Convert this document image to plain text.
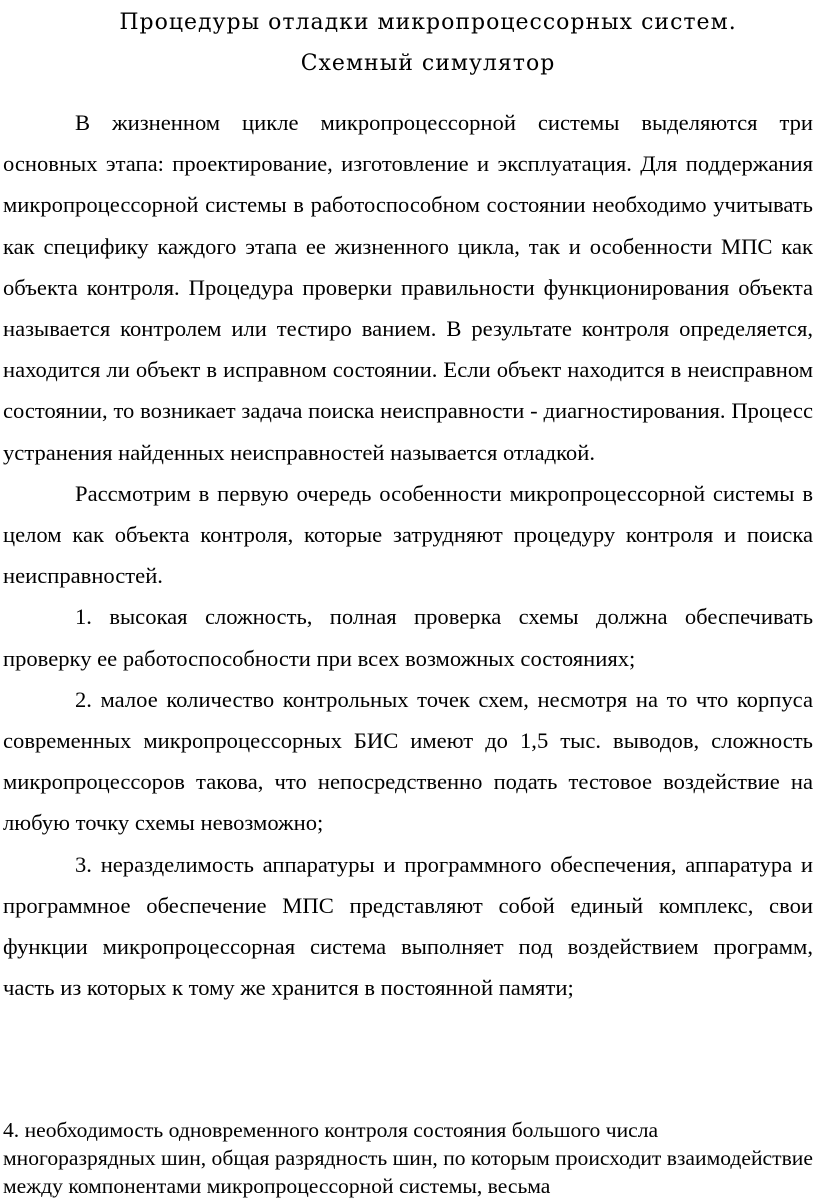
Процедуры отладки микропроцессорных систем. Схемный симулятор

В жизненном цикле микропроцессорной системы выделяются три основных этапа: проектирование, изготовление и эксплуатация. Для поддержания микропроцессорной системы в работоспособном состоянии необходимо учитывать как специфику каждого этапа ее жизненного цикла, так и особенности МПС как объекта контроля. Процедура проверки правильности функционирования объекта называется контролем или тестиро ванием. В результате контроля определяется, находится ли объект в исправном состоянии. Если объект находится в неисправном состоянии, то возникает задача поиска неисправности - диагностирования. Процесс устранения найденных неисправностей называется отладкой.

Рассмотрим в первую очередь особенности микропроцессорной системы в целом как объекта контроля, которые затрудняют процедуру контроля и поиска неисправностей.

1. высокая сложность, полная проверка схемы должна обеспечивать проверку ее работоспособности при всех возможных состояниях;

2. малое количество контрольных точек схем, несмотря на то что корпуса современных микропроцессорных БИС имеют до 1,5 тыс. выводов, сложность микропроцессоров такова, что непосредственно подать тестовое воздействие на любую точку схемы невозможно;

3. неразделимость аппаратуры и программного обеспечения, аппаратура и программное обеспечение МПС представляют собой единый комплекс, свои функции микропроцессорная система выполняет под воздействием программ, часть из которых к тому же хранится в постоянной памяти;

4. необходимость одновременного контроля состояния большого числа многоразрядных шин, общая разрядность шин, по которым происходит взаимодействие между компонентами микропроцессорной системы, весьма
